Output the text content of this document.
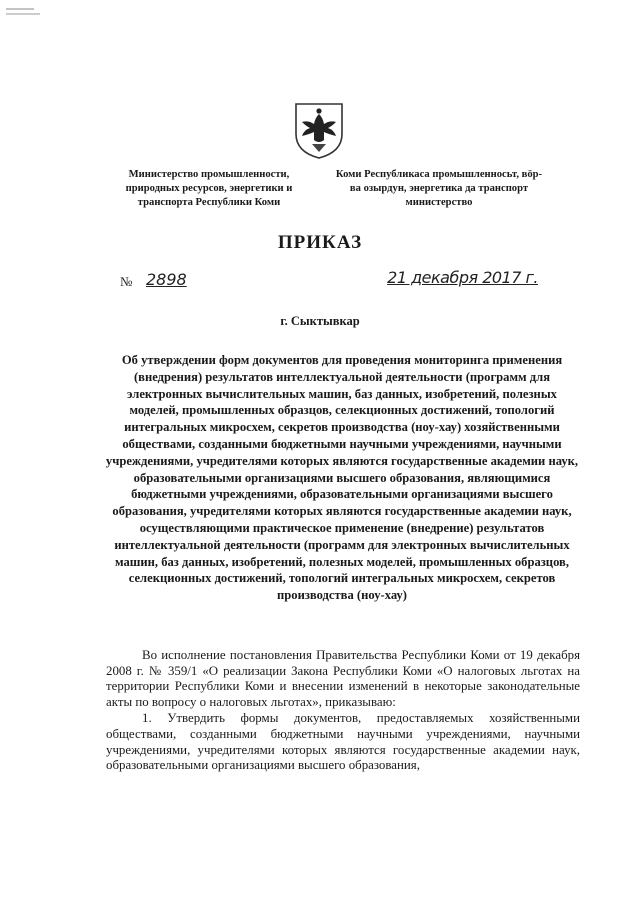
Министерство промышленности, природных ресурсов, энергетики и транспорта Республики Коми
Коми Республикаса промышленносьт, вӧр-ва озырдун, энергетика да транспорт министерство
ПРИКАЗ
№ 2898	21 декабря 2017 г.
г. Сыктывкар
Об утверждении форм документов для проведения мониторинга применения (внедрения) результатов интеллектуальной деятельности (программ для электронных вычислительных машин, баз данных, изобретений, полезных моделей, промышленных образцов, селекционных достижений, топологий интегральных микросхем, секретов производства (ноу-хау) хозяйственными обществами, созданными бюджетными научными учреждениями, научными учреждениями, учредителями которых являются государственные академии наук, образовательными организациями высшего образования, являющимися бюджетными учреждениями, образовательными организациями высшего образования, учредителями которых являются государственные академии наук, осуществляющими практическое применение (внедрение) результатов интеллектуальной деятельности (программ для электронных вычислительных машин, баз данных, изобретений, полезных моделей, промышленных образцов, селекционных достижений, топологий интегральных микросхем, секретов производства (ноу-хау)

Во исполнение постановления Правительства Республики Коми от 19 декабря 2008 г. № 359/1 «О реализации Закона Республики Коми «О налоговых льготах на территории Республики Коми и внесении изменений в некоторые законодательные акты по вопросу о налоговых льготах», приказываю:

1. Утвердить формы документов, предоставляемых хозяйственными обществами, созданными бюджетными научными учреждениями, научными учреждениями, учредителями которых являются государственные академии наук, образовательными организациями высшего образования,
